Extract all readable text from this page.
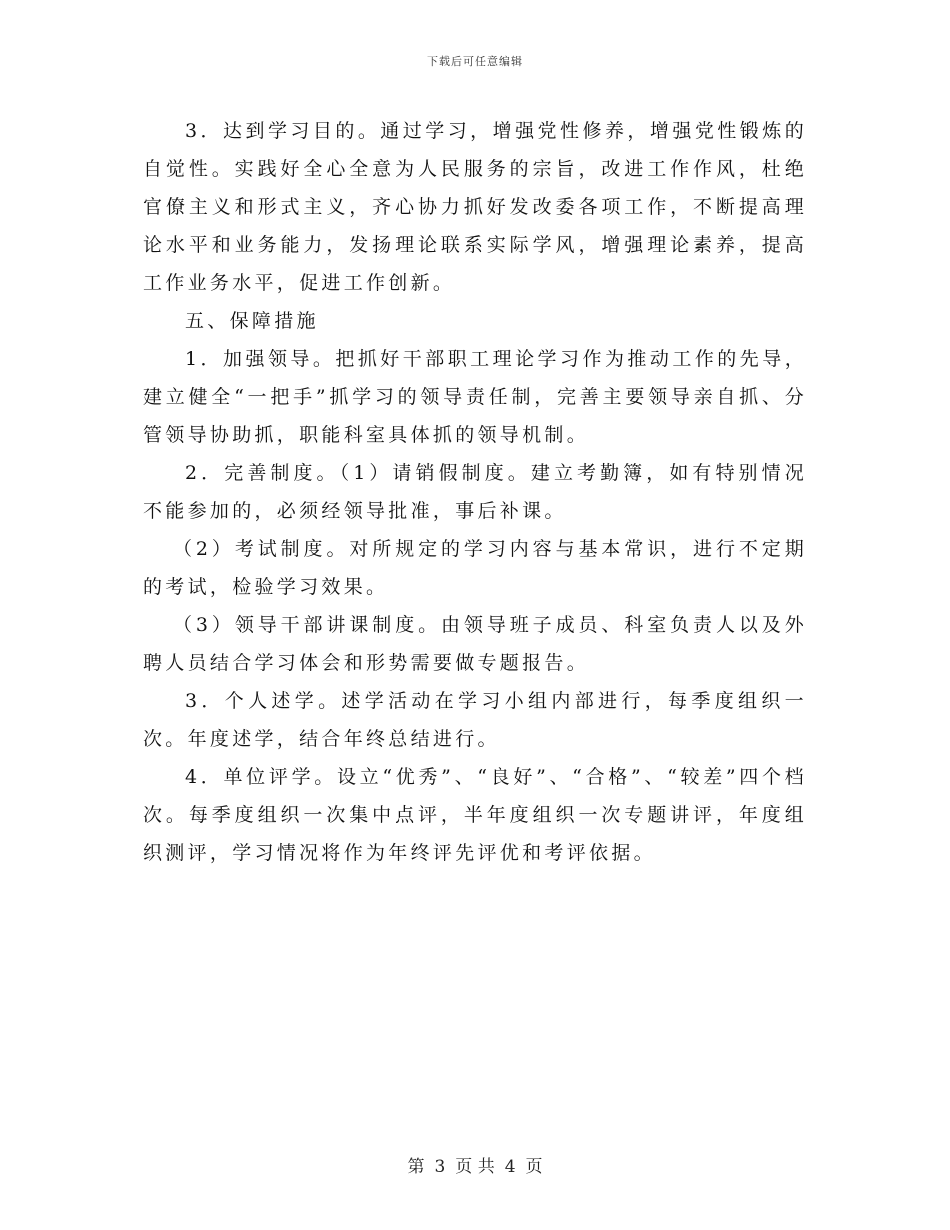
下载后可任意编辑

3．达到学习目的。通过学习，增强党性修养，增强党性锻炼的自觉性。实践好全心全意为人民服务的宗旨，改进工作作风，杜绝官僚主义和形式主义，齐心协力抓好发改委各项工作，不断提高理论水平和业务能力，发扬理论联系实际学风，增强理论素养，提高工作业务水平，促进工作创新。

五、保障措施

1．加强领导。把抓好干部职工理论学习作为推动工作的先导，建立健全“一把手”抓学习的领导责任制，完善主要领导亲自抓、分管领导协助抓，职能科室具体抓的领导机制。

2．完善制度。（1）请销假制度。建立考勤簿，如有特别情况不能参加的，必须经领导批准，事后补课。

（2）考试制度。对所规定的学习内容与基本常识，进行不定期的考试，检验学习效果。

（3）领导干部讲课制度。由领导班子成员、科室负责人以及外聘人员结合学习体会和形势需要做专题报告。

3．个人述学。述学活动在学习小组内部进行，每季度组织一次。年度述学，结合年终总结进行。

4．单位评学。设立“优秀”、“良好”、“合格”、“较差”四个档次。每季度组织一次集中点评，半年度组织一次专题讲评，年度组织测评，学习情况将作为年终评先评优和考评依据。

第 3 页 共 4 页
